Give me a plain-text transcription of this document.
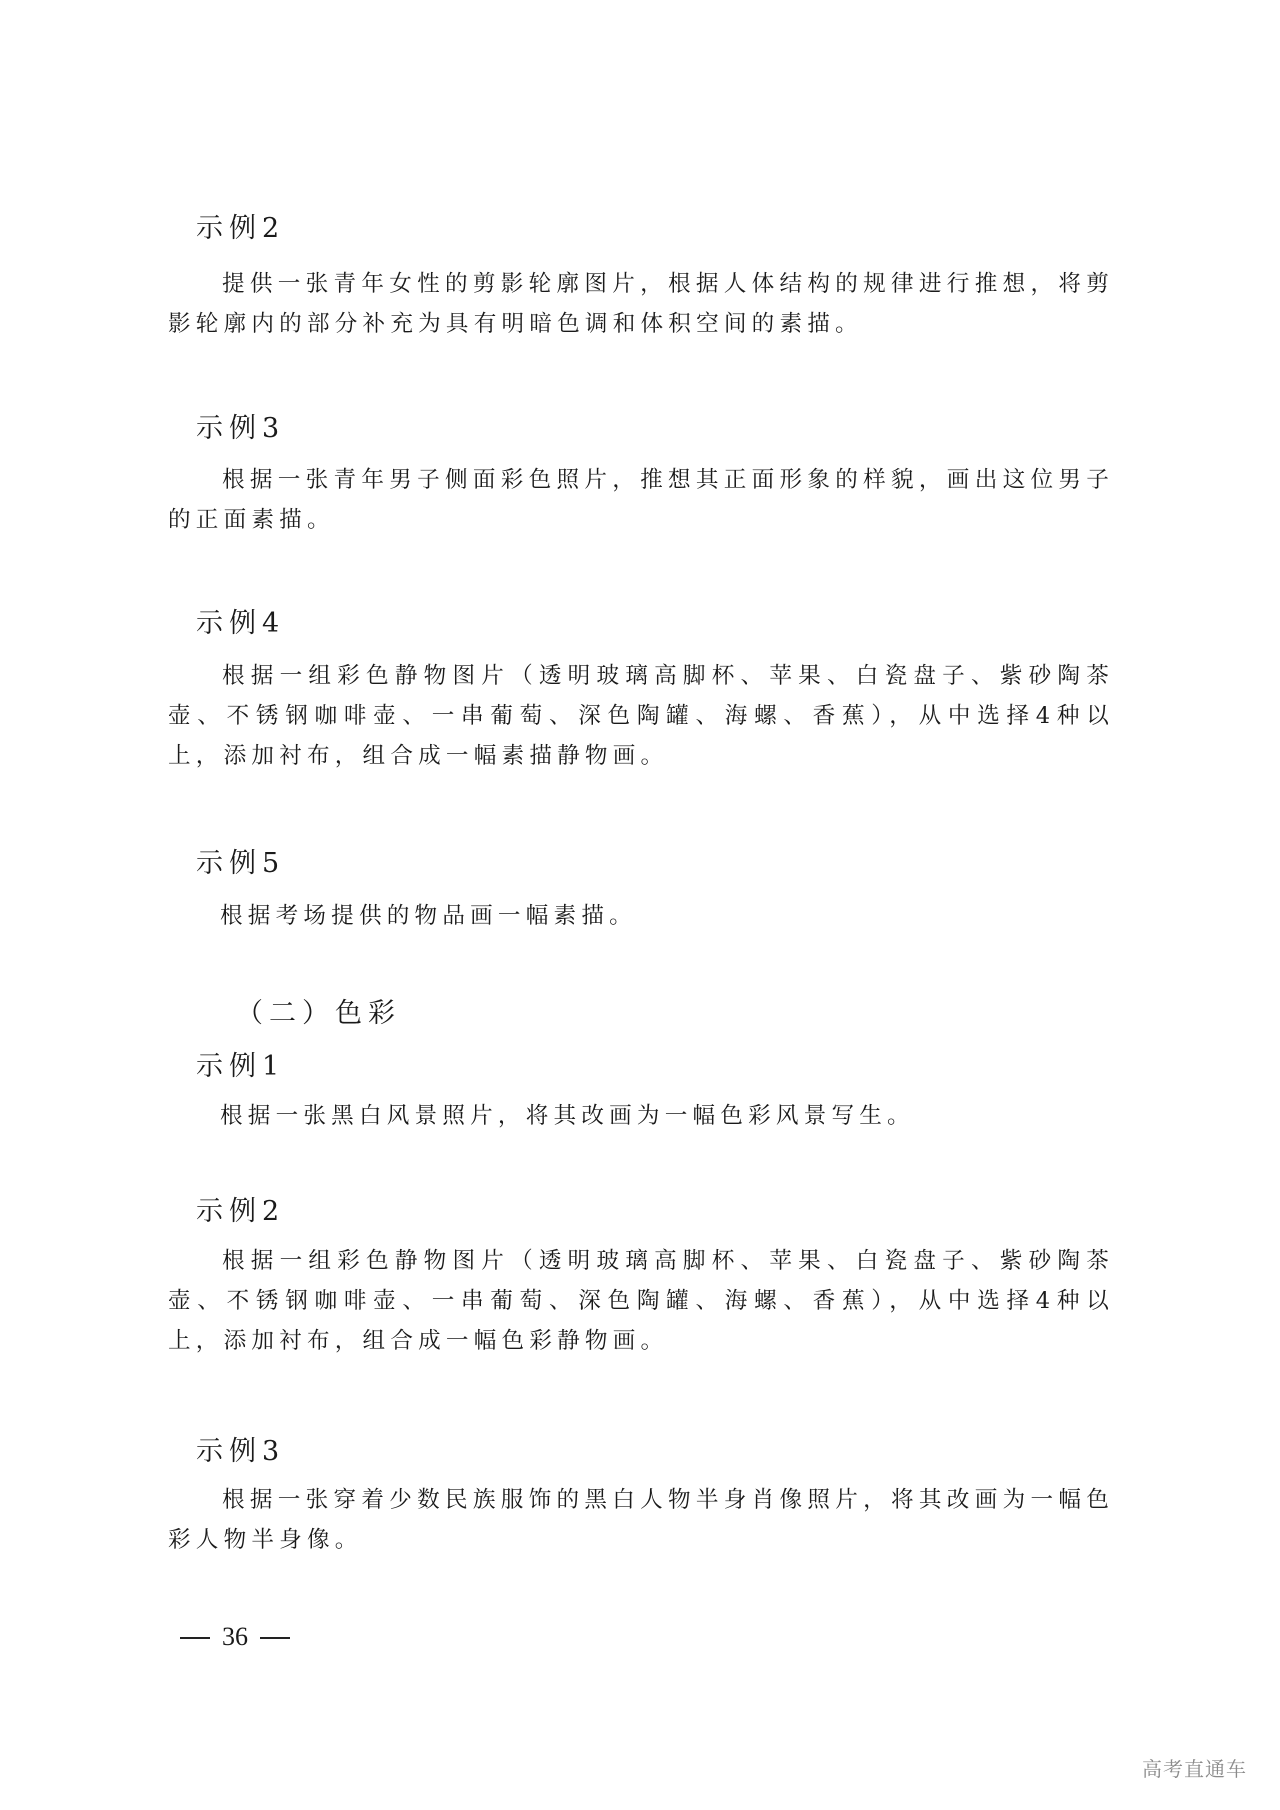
示例2
提供一张青年女性的剪影轮廓图片，根据人体结构的规律进行推想，将剪影轮廓内的部分补充为具有明暗色调和体积空间的素描。
示例3
根据一张青年男子侧面彩色照片，推想其正面形象的样貌，画出这位男子的正面素描。
示例4
根据一组彩色静物图片（透明玻璃高脚杯、苹果、白瓷盘子、紫砂陶茶壶、不锈钢咖啡壶、一串葡萄、深色陶罐、海螺、香蕉），从中选择4种以上，添加衬布，组合成一幅素描静物画。
示例5
根据考场提供的物品画一幅素描。
（二）色彩
示例1
根据一张黑白风景照片，将其改画为一幅色彩风景写生。
示例2
根据一组彩色静物图片（透明玻璃高脚杯、苹果、白瓷盘子、紫砂陶茶壶、不锈钢咖啡壶、一串葡萄、深色陶罐、海螺、香蕉），从中选择4种以上，添加衬布，组合成一幅色彩静物画。
示例3
根据一张穿着少数民族服饰的黑白人物半身肖像照片，将其改画为一幅色彩人物半身像。
36
高考直通车
